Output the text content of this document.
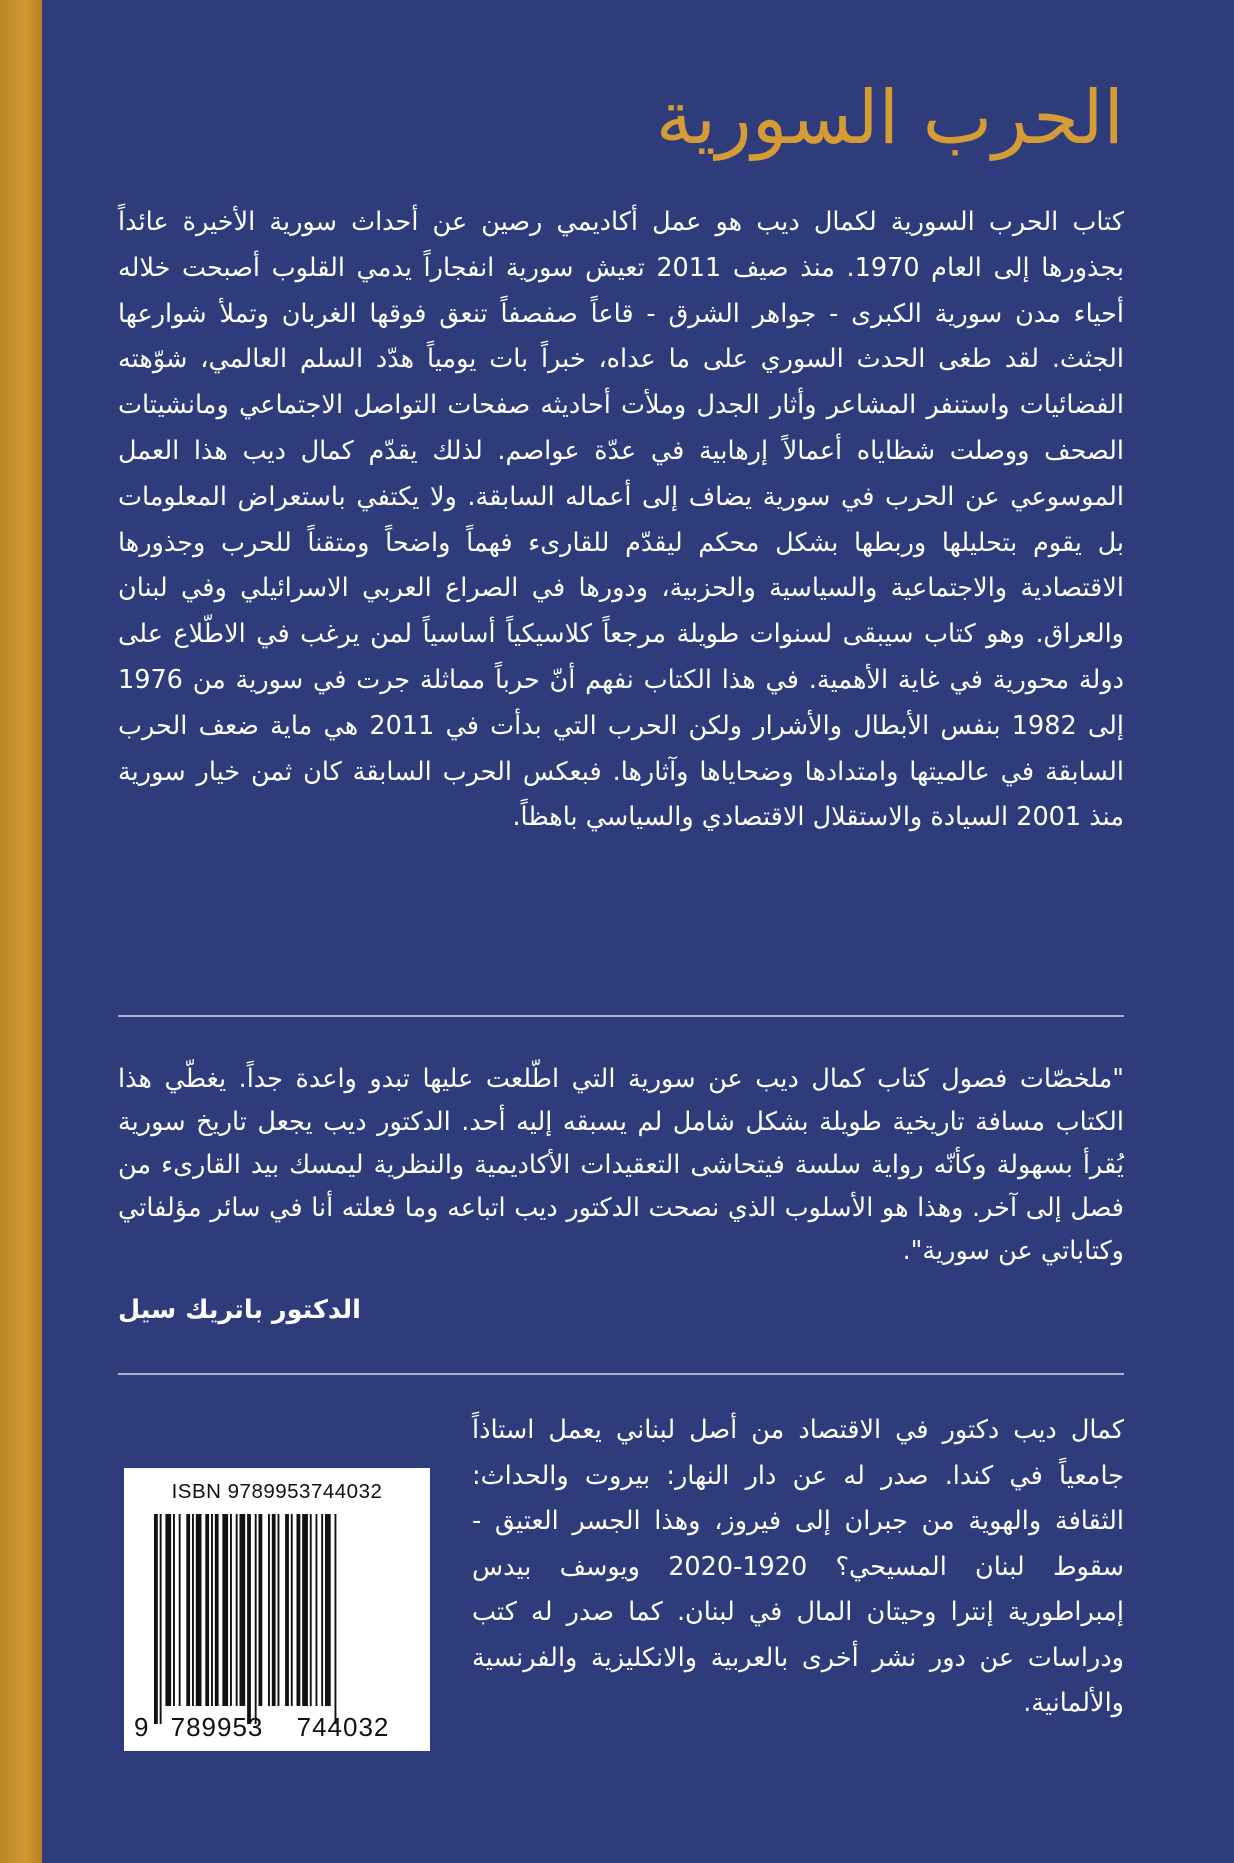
الحرب السورية
كتاب الحرب السورية لكمال ديب هو عمل أكاديمي رصين عن أحداث سورية الأخيرة عائداً بجذورها إلى العام 1970. منذ صيف 2011 تعيش سورية انفجاراً يدمي القلوب أصبحت خلاله أحياء مدن سورية الكبرى - جواهر الشرق - قاعاً صفصفاً تنعق فوقها الغربان وتملأ شوارعها الجثث. لقد طغى الحدث السوري على ما عداه، خبراً بات يومياً هدّد السلم العالمي، شوّهته الفضائيات واستنفر المشاعر وأثار الجدل وملأت أحاديثه صفحات التواصل الاجتماعي ومانشيتات الصحف ووصلت شظاياه أعمالاً إرهابية في عدّة عواصم. لذلك يقدّم كمال ديب هذا العمل الموسوعي عن الحرب في سورية يضاف إلى أعماله السابقة. ولا يكتفي باستعراض المعلومات بل يقوم بتحليلها وربطها بشكل محكم ليقدّم للقارىء فهماً واضحاً ومتقناً للحرب وجذورها الاقتصادية والاجتماعية والسياسية والحزبية، ودورها في الصراع العربي الاسرائيلي وفي لبنان والعراق. وهو كتاب سيبقى لسنوات طويلة مرجعاً كلاسيكياً أساسياً لمن يرغب في الاطّلاع على دولة محورية في غاية الأهمية. في هذا الكتاب نفهم أنّ حرباً مماثلة جرت في سورية من 1976 إلى 1982 بنفس الأبطال والأشرار ولكن الحرب التي بدأت في 2011 هي ماية ضعف الحرب السابقة في عالميتها وامتدادها وضحاياها وآثارها. فبعكس الحرب السابقة كان ثمن خيار سورية منذ 2001 السيادة والاستقلال الاقتصادي والسياسي باهظاً.
"ملخصّات فصول كتاب كمال ديب عن سورية التي اطّلعت عليها تبدو واعدة جداً. يغطّي هذا الكتاب مسافة تاريخية طويلة بشكل شامل لم يسبقه إليه أحد. الدكتور ديب يجعل تاريخ سورية يُقرأ بسهولة وكأنّه رواية سلسة فيتحاشى التعقيدات الأكاديمية والنظرية ليمسك بيد القارىء من فصل إلى آخر. وهذا هو الأسلوب الذي نصحت الدكتور ديب اتباعه وما فعلته أنا في سائر مؤلفاتي وكتاباتي عن سورية".
الدكتور باتريك سيل
كمال ديب دكتور في الاقتصاد من أصل لبناني يعمل استاذاً جامعياً في كندا. صدر له عن دار النهار: بيروت والحداث: الثقافة والهوية من جبران إلى فيروز، وهذا الجسر العتيق - سقوط لبنان المسيحي؟ 1920-2020 ويوسف بيدس إمبراطورية إنترا وحيتان المال في لبنان. كما صدر له كتب ودراسات عن دور نشر أخرى بالعربية والانكليزية والفرنسية والألمانية.
ISBN 9789953744032
9 789953	744032
